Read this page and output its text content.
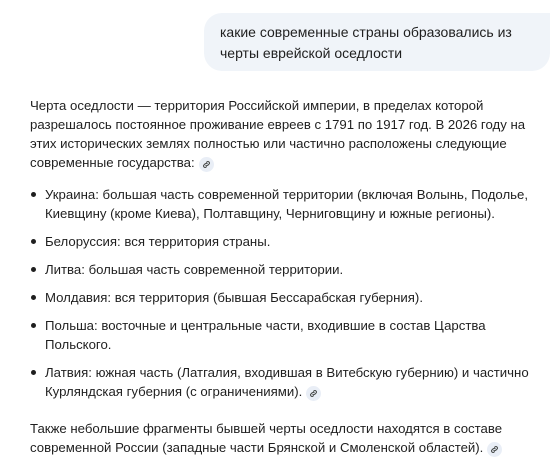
какие современные страны образовались из черты еврейской оседлости

Черта оседлости — территория Российской империи, в пределах которой разрешалось постоянное проживание евреев с 1791 по 1917 год. В 2026 году на этих исторических землях полностью или частично расположены следующие современные государства:

Украина: большая часть современной территории (включая Волынь, Подолье, Киевщину (кроме Киева), Полтавщину, Черниговщину и южные регионы).
Белоруссия: вся территория страны.
Литва: большая часть современной территории.
Молдавия: вся территория (бывшая Бессарабская губерния).
Польша: восточные и центральные части, входившие в состав Царства Польского.
Латвия: южная часть (Латгалия, входившая в Витебскую губернию) и частично Курляндская губерния (с ограничениями).

Также небольшие фрагменты бывшей черты оседлости находятся в составе современной России (западные части Брянской и Смоленской областей).
